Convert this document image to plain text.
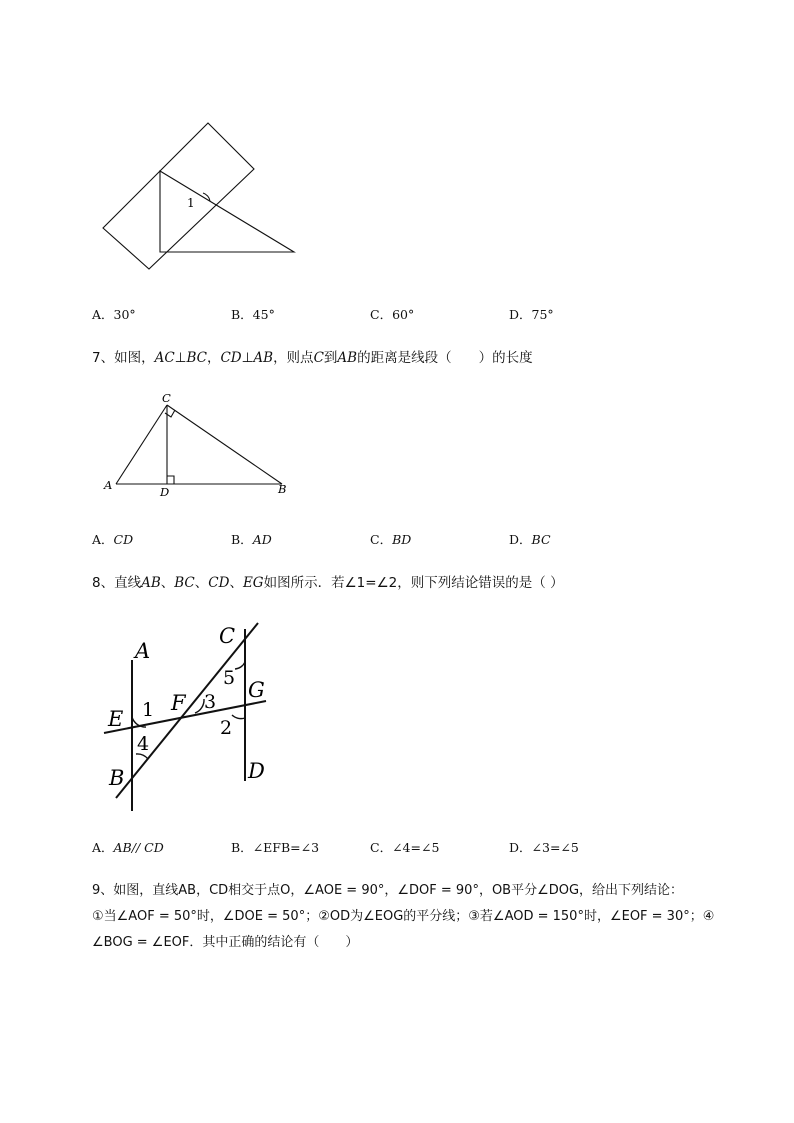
1
A．30°	B．45°	C．60°	D．75°
7、如图，AC⊥BC，CD⊥AB，则点C到AB的距离是线段（　　）的长度
C
A	D	B
A．CD	B．AD	C．BD	D．BC
8、直线AB、BC、CD、EG如图所示．若∠1=∠2，则下列结论错误的是（ ）
C
A
5 G
E 1 F 3
2
4
B	D
A．AB// CD	B．∠EFB=∠3	C．∠4=∠5	D．∠3=∠5
9、如图，直线AB，CD相交于点O，∠AOE = 90°，∠DOF = 90°，OB平分∠DOG，给出下列结论：
①当∠AOF = 50°时，∠DOE = 50°；②OD为∠EOG的平分线；③若∠AOD = 150°时，∠EOF = 30°；④
∠BOG = ∠EOF．其中正确的结论有（　　）
